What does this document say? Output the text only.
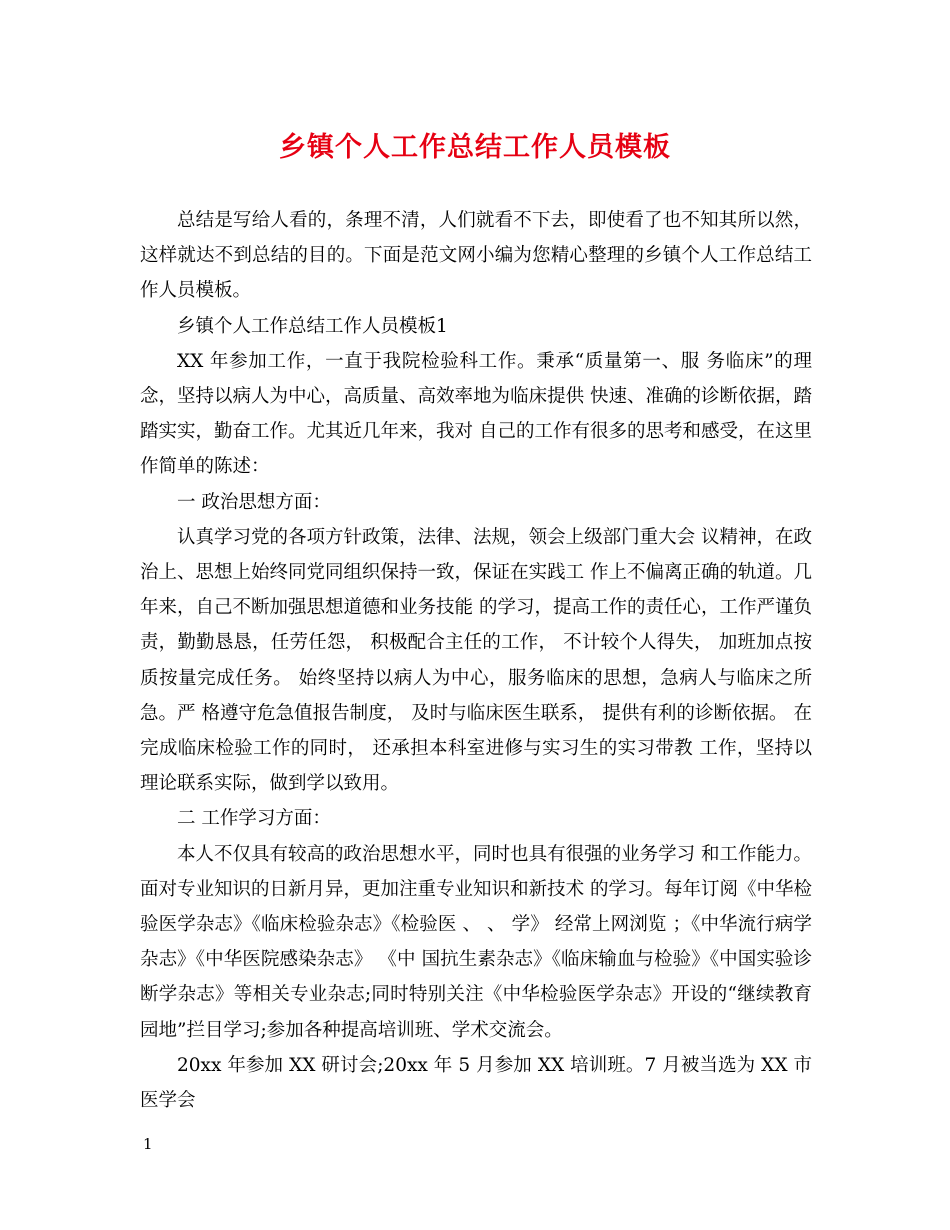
乡镇个人工作总结工作人员模板

总结是写给人看的，条理不清，人们就看不下去，即使看了也不知其所以然，这样就达不到总结的目的。下面是范文网小编为您精心整理的乡镇个人工作总结工作人员模板。

乡镇个人工作总结工作人员模板1

XX 年参加工作，一直于我院检验科工作。秉承“质量第一、服 务临床”的理念，坚持以病人为中心，高质量、高效率地为临床提供 快速、准确的诊断依据，踏踏实实，勤奋工作。尤其近几年来，我对 自己的工作有很多的思考和感受，在这里作简单的陈述：

一 政治思想方面：

认真学习党的各项方针政策，法律、法规，领会上级部门重大会 议精神，在政治上、思想上始终同党同组织保持一致，保证在实践工 作上不偏离正确的轨道。几年来，自己不断加强思想道德和业务技能 的学习，提高工作的责任心，工作严谨负责，勤勤恳恳，任劳任怨， 积极配合主任的工作， 不计较个人得失， 加班加点按质按量完成任务。 始终坚持以病人为中心，服务临床的思想，急病人与临床之所急。严 格遵守危急值报告制度， 及时与临床医生联系， 提供有利的诊断依据。 在完成临床检验工作的同时， 还承担本科室进修与实习生的实习带教 工作，坚持以理论联系实际，做到学以致用。

二 工作学习方面：

本人不仅具有较高的政治思想水平，同时也具有很强的业务学习 和工作能力。面对专业知识的日新月异，更加注重专业知识和新技术 的学习。每年订阅《中华检验医学杂志》《临床检验杂志》《检验医 、 、 学》 经常上网浏览 ；《中华流行病学杂志》《中华医院感染杂志》 《中 国抗生素杂志》《临床输血与检验》《中国实验诊断学杂志》等相关专业杂志;同时特别关注《中华检验医学杂志》开设的“继续教育园地”拦目学习;参加各种提高培训班、学术交流会。

20xx 年参加 XX 研讨会;20xx 年 5 月参加 XX 培训班。7 月被当选为 XX 市医学会

1
